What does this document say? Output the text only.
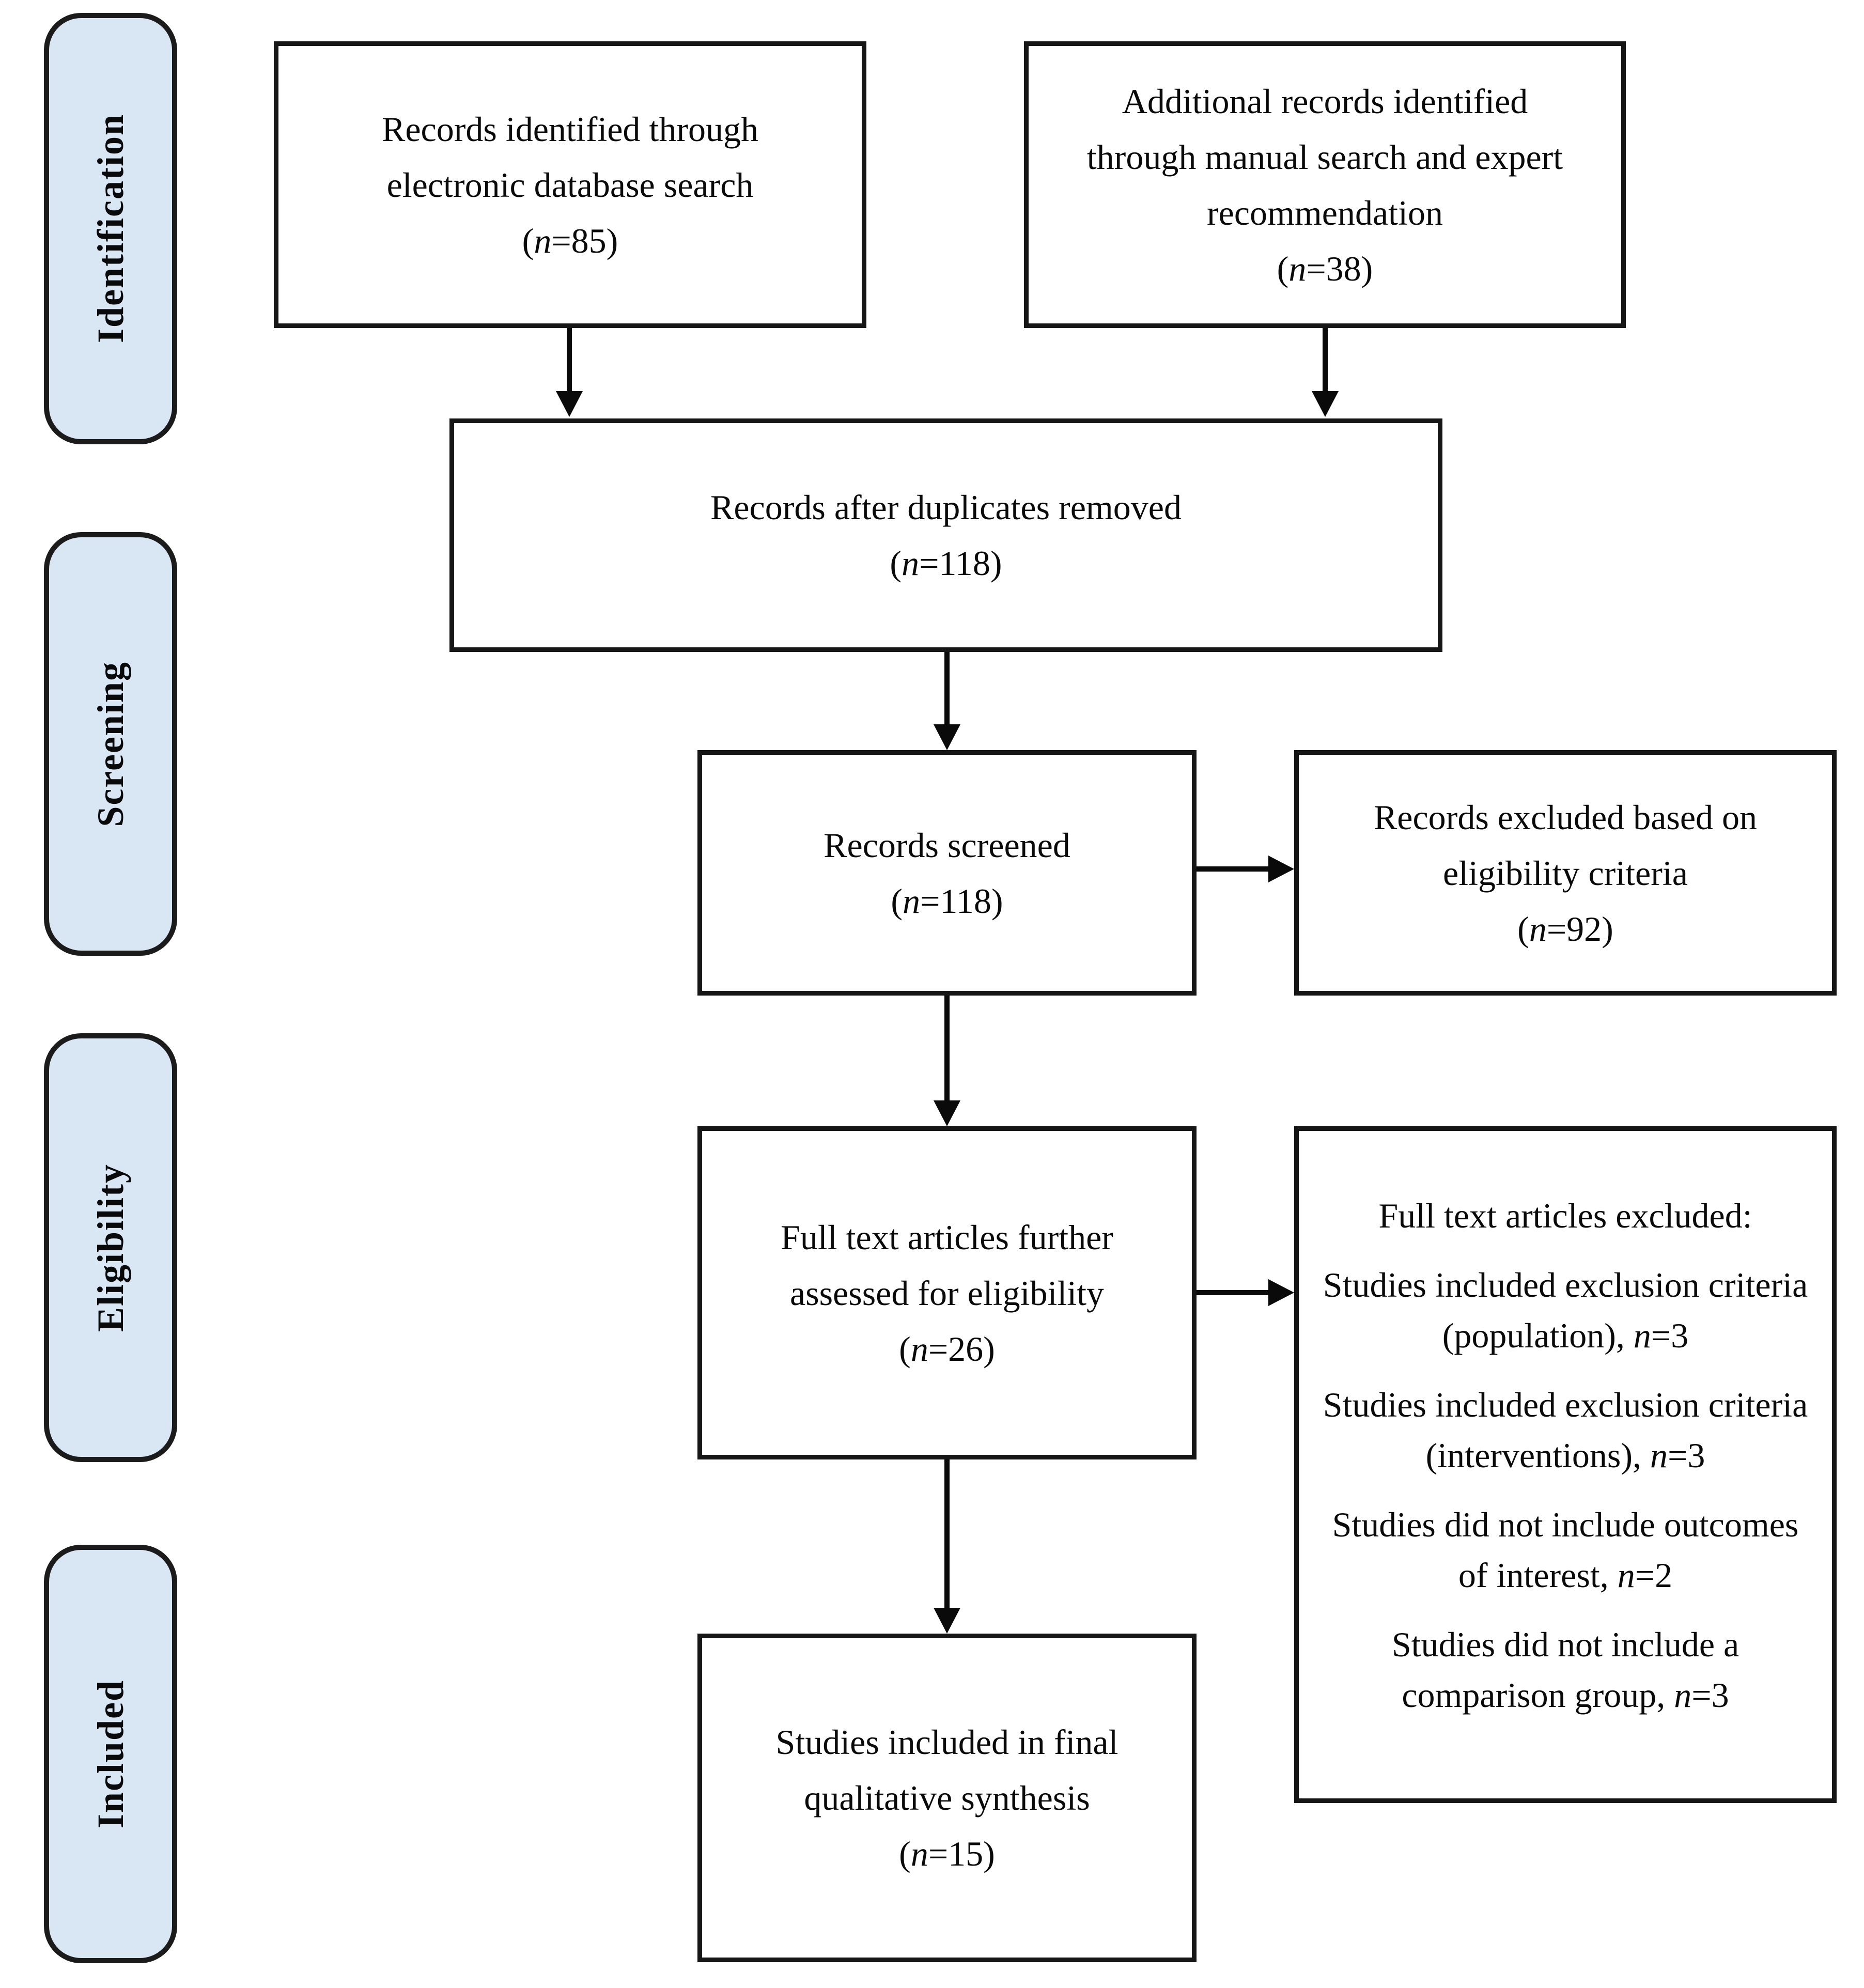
Identification
Screening
Eligibility
Included
Records identified through
electronic database search
(n=85)
Additional records identified
through manual search and expert
recommendation
(n=38)
Records after duplicates removed
(n=118)
Records screened
(n=118)
Records excluded based on
eligibility criteria
(n=92)
Full text articles further
assessed for eligibility
(n=26)
Full text articles excluded:
Studies included exclusion criteria (population), n=3
Studies included exclusion criteria (interventions), n=3
Studies did not include outcomes of interest, n=2
Studies did not include a comparison group, n=3
Studies included in final
qualitative synthesis
(n=15)
